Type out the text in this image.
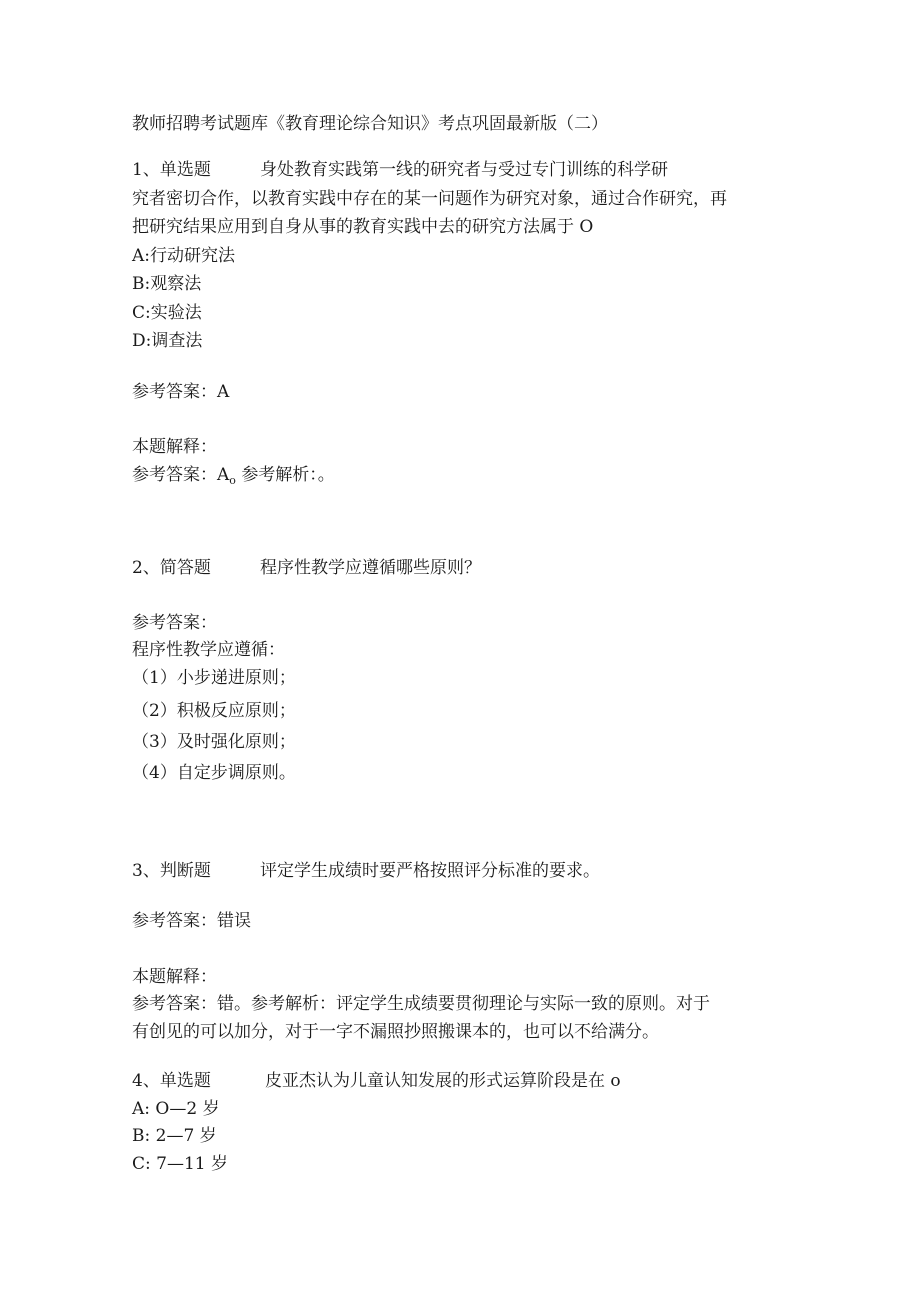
教师招聘考试题库《教育理论综合知识》考点巩固最新版（二）
1、单选题	身处教育实践第一线的研究者与受过专门训练的科学研
究者密切合作，以教育实践中存在的某一问题作为研究对象，通过合作研究，再
把研究结果应用到自身从事的教育实践中去的研究方法属于 O
A:行动研究法
B:观察法
C:实验法
D:调查法
参考答案：A
本题解释：
参考答案：$A_o$ 参考解析：。
2、简答题	程序性教学应遵循哪些原则？
参考答案：
程序性教学应遵循：
（1）小步递进原则；
（2）积极反应原则；
（3）及时强化原则；
（4）自定步调原则。
3、判断题	评定学生成绩时要严格按照评分标准的要求。
参考答案：错误
本题解释：
参考答案：错。参考解析：评定学生成绩要贯彻理论与实际一致的原则。对于
有创见的可以加分，对于一字不漏照抄照搬课本的，也可以不给满分。
4、单选题	皮亚杰认为儿童认知发展的形式运算阶段是在 o
A: O—2 岁
B: 2—7 岁
C: 7—11 岁
